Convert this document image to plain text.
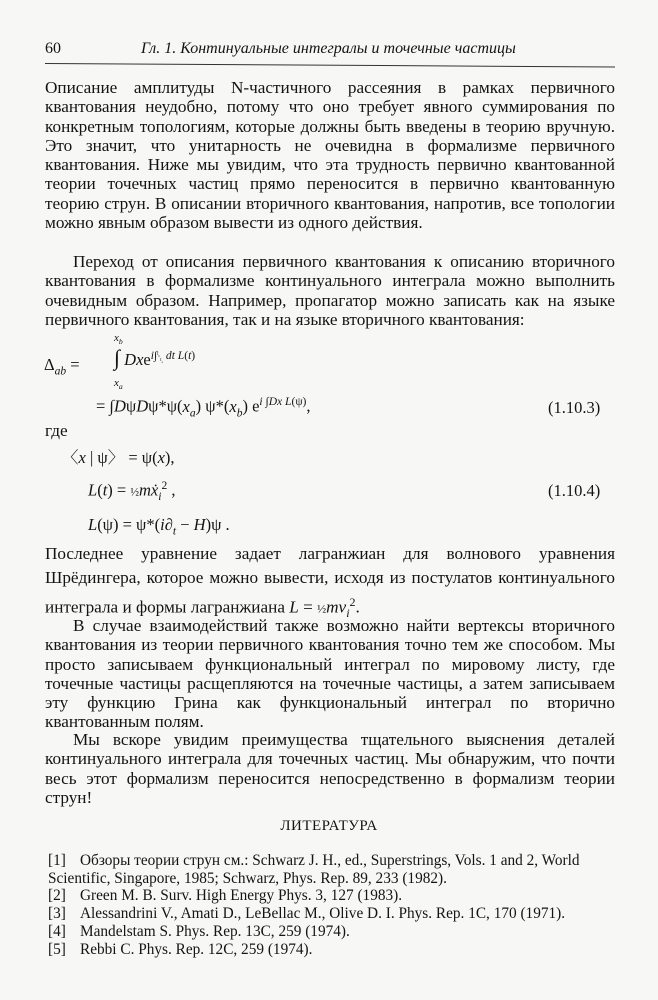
60	Гл. 1. Континуальные интегралы и точечные частицы

Описание амплитуды N-частичного рассеяния в рамках первичного квантования неудобно, потому что оно требует явного суммирования по конкретным топологиям, которые должны быть введены в теорию вручную. Это значит, что унитарность не очевидна в формализме первичного квантования. Ниже мы увидим, что эта трудность первично квантованной теории точечных частиц прямо переносится в первично квантованную теорию струн. В описании вторичного квантования, напротив, все топологии можно явным образом вывести из одного действия.

Переход от описания первичного квантования к описанию вторичного квантования в формализме континуального интеграла можно выполнить очевидным образом. Например, пропагатор можно записать как на языке первичного квантования, так и на языке вторичного квантования:

$\Delta_{ab}$ =
$x_b$
∫ Dxe$^{i\int^{t_b}_{t_a} dt L(t)}$
$x_a$
= $\int D\psi D\psi*\psi(x_a)$ $\psi*(x_b)$ $e^{i \int Dx L(\psi)}$,	(1.10.3)

где

〈x | ψ〉 = ψ(x),
L(t) = ½mẋ$_i^2$ ,	(1.10.4)
$L(\psi) = \psi*(i\partial_t - H)\psi$ .

Последнее уравнение задает лагранжиан для волнового уравнения Шрёдингера, которое можно вывести, исходя из постулатов континуального интеграла и формы лагранжиана $L = \frac{1}{2}mv_i^2$.

В случае взаимодействий также возможно найти вертексы вторичного квантования из теории первичного квантования точно тем же способом. Мы просто записываем функциональный интеграл по мировому листу, где точечные частицы расщепляются на точечные частицы, а затем записываем эту функцию Грина как функциональный интеграл по вторично квантованным полям.

Мы вскоре увидим преимущества тщательного выяснения деталей континуального интеграла для точечных частиц. Мы обнаружим, что почти весь этот формализм переносится непосредственно в формализм теории струн!

ЛИТЕРАТУРА
[1] Обзоры теории струн см.: Schwarz J. H., ed., Superstrings, Vols. 1 and 2, World Scientific, Singapore, 1985; Schwarz, Phys. Rep. 89, 233 (1982).
[2] Green M. B. Surv. High Energy Phys. 3, 127 (1983).
[3] Alessandrini V., Amati D., LeBellac M., Olive D. I. Phys. Rep. 1C, 170 (1971).
[4] Mandelstam S. Phys. Rep. 13C, 259 (1974).
[5] Rebbi C. Phys. Rep. 12C, 259 (1974).
